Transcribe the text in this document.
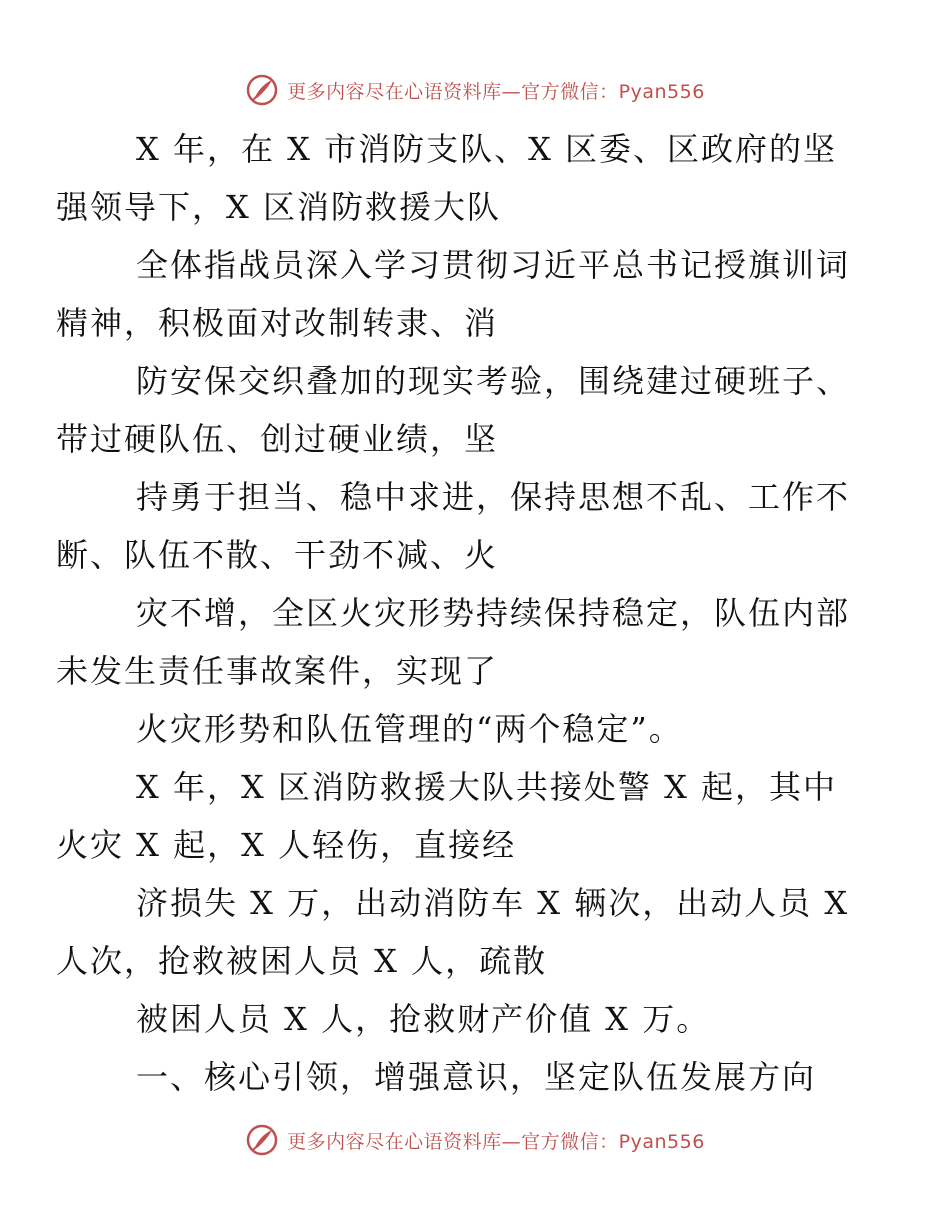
更多内容尽在心语资料库—官方微信：Pyan556

X 年，在 X 市消防支队、X 区委、区政府的坚
强领导下，X 区消防救援大队

全体指战员深入学习贯彻习近平总书记授旗训词
精神，积极面对改制转隶、消

防安保交织叠加的现实考验，围绕建过硬班子、
带过硬队伍、创过硬业绩，坚

持勇于担当、稳中求进，保持思想不乱、工作不
断、队伍不散、干劲不减、火

灾不增，全区火灾形势持续保持稳定，队伍内部
未发生责任事故案件，实现了

火灾形势和队伍管理的“两个稳定”。

X 年，X 区消防救援大队共接处警 X 起，其中
火灾 X 起，X 人轻伤，直接经

济损失 X 万，出动消防车 X 辆次，出动人员 X
人次，抢救被困人员 X 人，疏散

被困人员 X 人，抢救财产价值 X 万。

一、核心引领，增强意识，坚定队伍发展方向

更多内容尽在心语资料库—官方微信：Pyan556
